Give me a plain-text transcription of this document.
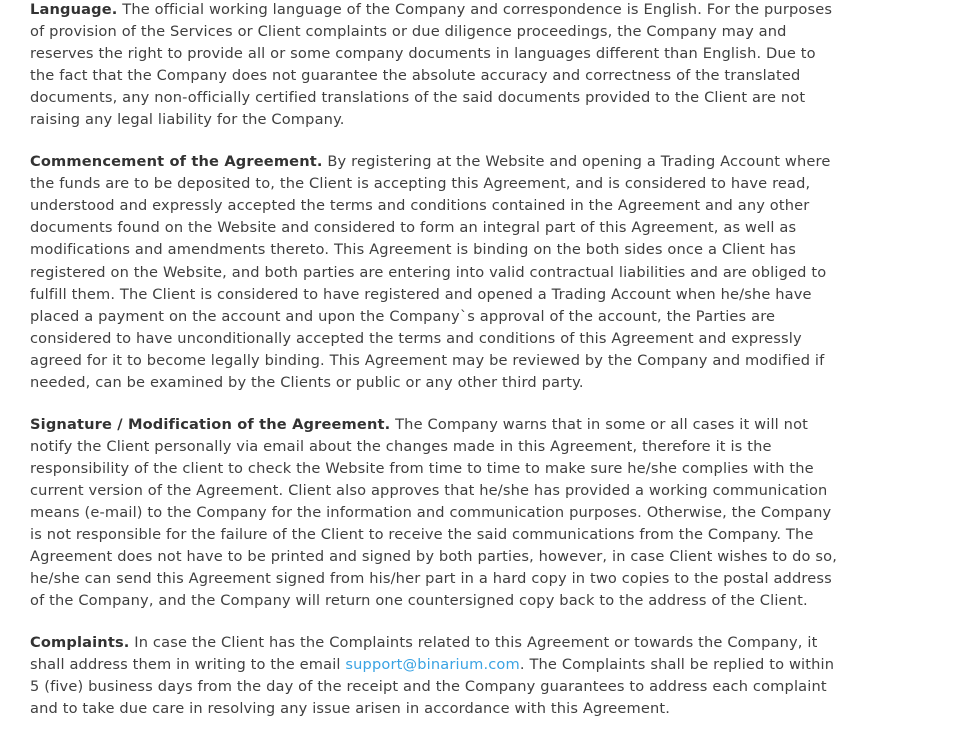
Language. The official working language of the Company and correspondence is English. For the purposes of provision of the Services or Client complaints or due diligence proceedings, the Company may and reserves the right to provide all or some company documents in languages different than English. Due to the fact that the Company does not guarantee the absolute accuracy and correctness of the translated documents, any non-officially certified translations of the said documents provided to the Client are not raising any legal liability for the Company.

Commencement of the Agreement. By registering at the Website and opening a Trading Account where the funds are to be deposited to, the Client is accepting this Agreement, and is considered to have read, understood and expressly accepted the terms and conditions contained in the Agreement and any other documents found on the Website and considered to form an integral part of this Agreement, as well as modifications and amendments thereto. This Agreement is binding on the both sides once a Client has registered on the Website, and both parties are entering into valid contractual liabilities and are obliged to fulfill them. The Client is considered to have registered and opened a Trading Account when he/she have placed a payment on the account and upon the Company`s approval of the account, the Parties are considered to have unconditionally accepted the terms and conditions of this Agreement and expressly agreed for it to become legally binding. This Agreement may be reviewed by the Company and modified if needed, can be examined by the Clients or public or any other third party.

Signature / Modification of the Agreement. The Company warns that in some or all cases it will not notify the Client personally via email about the changes made in this Agreement, therefore it is the responsibility of the client to check the Website from time to time to make sure he/she complies with the current version of the Agreement. Client also approves that he/she has provided a working communication means (e-mail) to the Company for the information and communication purposes. Otherwise, the Company is not responsible for the failure of the Client to receive the said communications from the Company. The Agreement does not have to be printed and signed by both parties, however, in case Client wishes to do so, he/she can send this Agreement signed from his/her part in a hard copy in two copies to the postal address of the Company, and the Company will return one countersigned copy back to the address of the Client.

Complaints. In case the Client has the Complaints related to this Agreement or towards the Company, it shall address them in writing to the email support@binarium.com. The Complaints shall be replied to within 5 (five) business days from the day of the receipt and the Company guarantees to address each complaint and to take due care in resolving any issue arisen in accordance with this Agreement.
